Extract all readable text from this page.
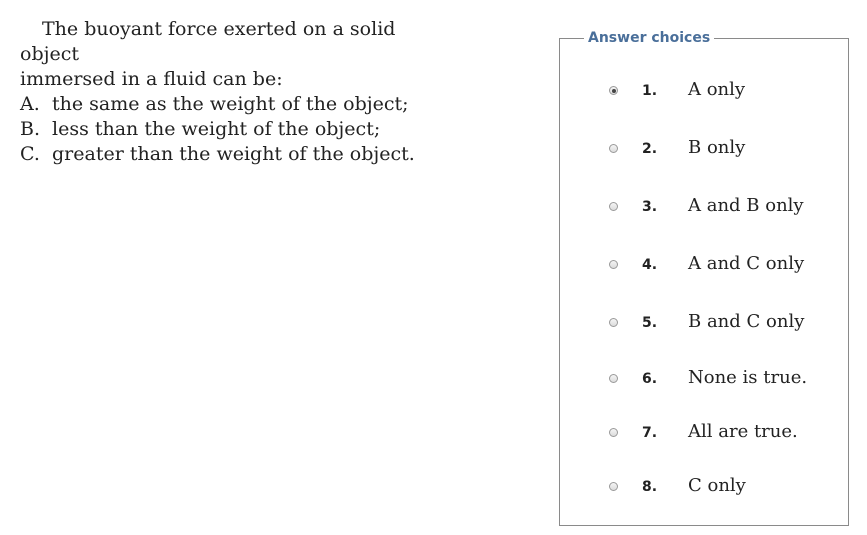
The buoyant force exerted on a solid object
immersed in a fluid can be:

A. the same as the weight of the object;

B. less than the weight of the object;

C. greater than the weight of the object.

Answer choices
1. A only
2. B only
3. A and B only
4. A and C only
5. B and C only
6. None is true.
7. All are true.
8. C only
